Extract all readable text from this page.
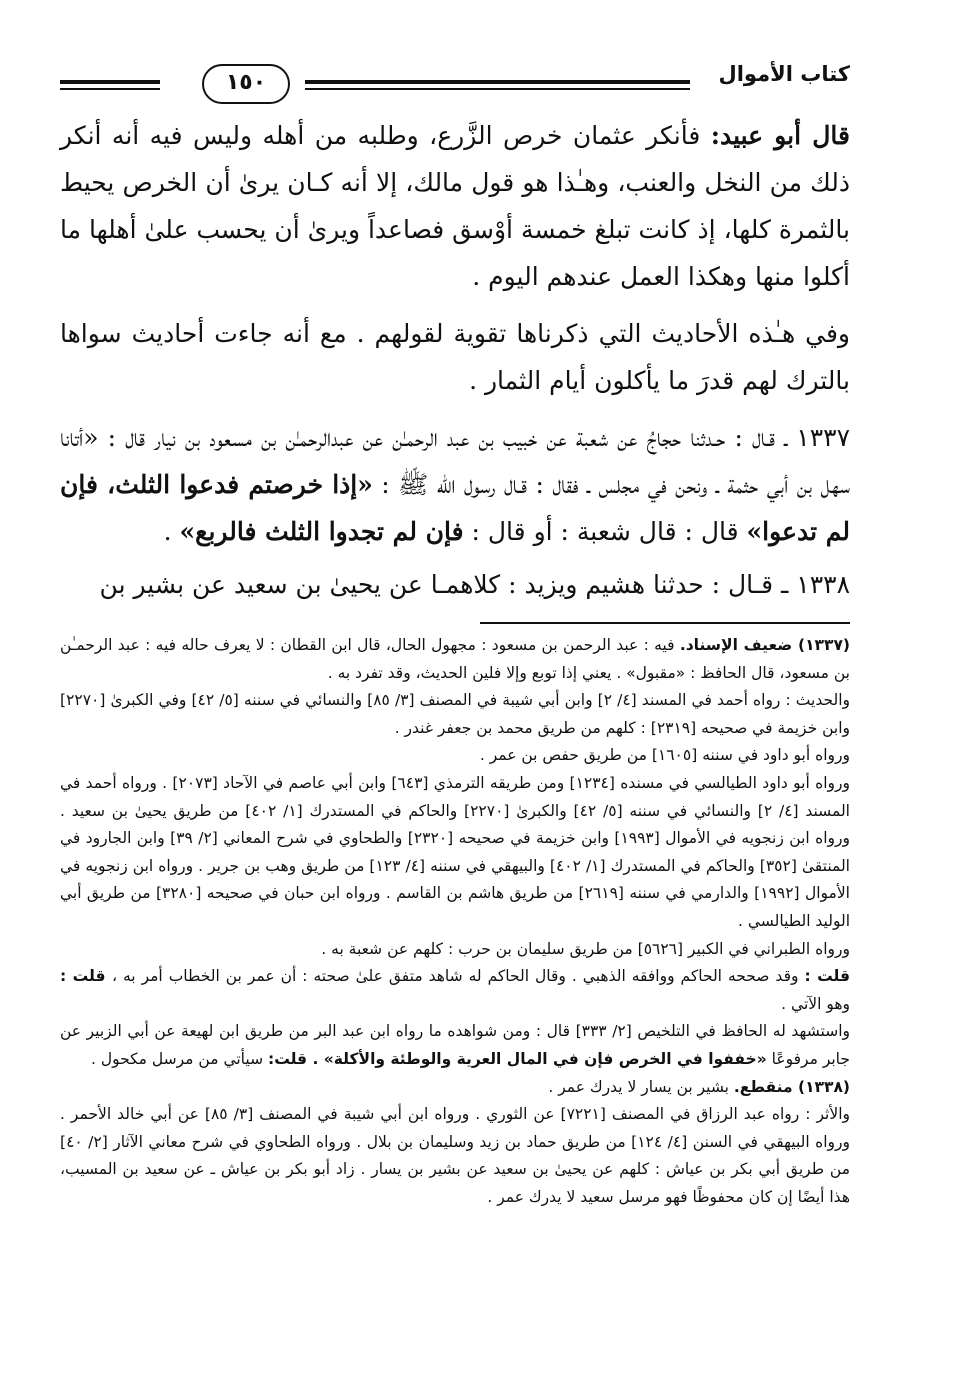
كتاب الأموال
١٥٠

قال أبو عبيد: فأنكر عثمان خرص الزَّرع، وطلبه من أهله وليس فيه أنه أنكر ذلك من النخل والعنب، وهـٰذا هو قول مالك، إلا أنه كـان يرىٰ أن الخرص يحيط بالثمرة كلها، إذ كانت تبلغ خمسة أوْسق فصاعداً ويرىٰ أن يحسب علىٰ أهلها ما أكلوا منها وهكذا العمل عندهم اليوم .

وفي هـٰذه الأحاديث التي ذكرناها تقوية لقولهم . مع أنه جاءت أحاديث سواها بالترك لهم قدرَ ما يأكلون أيام الثمار .

١٣٣٧ ـ قـال : حـدثنا حجاجُ عن شعبة عن خبيب بن عبد الرحمـٰن عن عبدالرحمـٰن بن مسعود بن نيار قال : «أتانا سهل بن أبي حثمة ـ ونحن في مجلس ـ فقال : قـال رسول الله ﷺ : «إذا خرصتم فدعوا الثلث، فإن لم تدعوا» قال : قال شعبة : أو قال : فإن لم تجدوا الثلث فالربع» .

١٣٣٨ ـ قـال : حدثنا هشيم ويزيد : كلاهمـا عن يحيىٰ بن سعيد عن بشير بن

(١٣٣٧) ضعيف الإسناد. فيه : عبد الرحمن بن مسعود : مجهول الحال، قال ابن القطان : لا يعرف حاله فيه : عبد الرحمـٰن بن مسعود، قال الحافظ : «مقبول» . يعني إذا توبع وإلا فلين الحديث، وقد تفرد به .

والحديث : رواه أحمد في المسند [٤/ ٢] وابن أبي شيبة في المصنف [٣/ ٨٥] والنسائي في سننه [٥/ ٤٢] وفي الكبرىٰ [٢٢٧٠] وابن خزيمة في صحيحه [٢٣١٩] : كلهم من طريق محمد بن جعفر غندر .

ورواه أبو داود في سننه [١٦٠٥] من طريق حفص بن عمر .

ورواه أبو داود الطيالسي في مسنده [١٢٣٤] ومن طريقه الترمذي [٦٤٣] وابن أبي عاصم في الآحاد [٢٠٧٣] . ورواه أحمد في المسند [٤/ ٢] والنسائي في سننه [٥/ ٤٢] والكبرىٰ [٢٢٧٠] والحاكم في المستدرك [١/ ٤٠٢] من طريق يحيىٰ بن سعيد . ورواه ابن زنجويه في الأموال [١٩٩٣] وابن خزيمة في صحيحه [٢٣٢٠] والطحاوي في شرح المعاني [٢/ ٣٩] وابن الجارود في المنتقىٰ [٣٥٢] والحاكم في المستدرك [١/ ٤٠٢] والبيهقي في سننه [٤/ ١٢٣] من طريق وهب بن جرير . ورواه ابن زنجويه في الأموال [١٩٩٢] والدارمي في سننه [٢٦١٩] من طريق هاشم بن القاسم . ورواه ابن حبان في صحيحه [٣٢٨٠] من طريق أبي الوليد الطيالسي .

ورواه الطبراني في الكبير [٥٦٢٦] من طريق سليمان بن حرب : كلهم عن شعبة به .

قلت : وقد صححه الحاكم ووافقه الذهبي . وقال الحاكم له شاهد متفق علىٰ صحته : أن عمر بن الخطاب أمر به ، قلت : وهو الآتي .

واستشهد له الحافظ في التلخيص [٢/ ٣٣٣] قال : ومن شواهده ما رواه ابن عبد البر من طريق ابن لهيعة عن أبي الزبير عن جابر مرفوعًا «خففوا في الخرص فإن في المال العرية والوطئة والأكلة» . قلت: سيأتي من مرسل مكحول .

(١٣٣٨) منقطع. بشير بن يسار لا يدرك عمر .

والأثر : رواه عبد الرزاق في المصنف [٧٢٢١] عن الثوري . ورواه ابن أبي شيبة في المصنف [٣/ ٨٥] عن أبي خالد الأحمر . ورواه البيهقي في السنن [٤/ ١٢٤] من طريق حماد بن زيد وسليمان بن بلال . ورواه الطحاوي في شرح معاني الآثار [٢/ ٤٠] من طريق أبي بكر بن عياش : كلهم عن يحيىٰ بن سعيد عن بشير بن يسار . زاد أبو بكر بن عياش ـ عن سعيد بن المسيب، هذا أيضًا إن كان محفوظًا فهو مرسل سعيد لا يدرك عمر .
